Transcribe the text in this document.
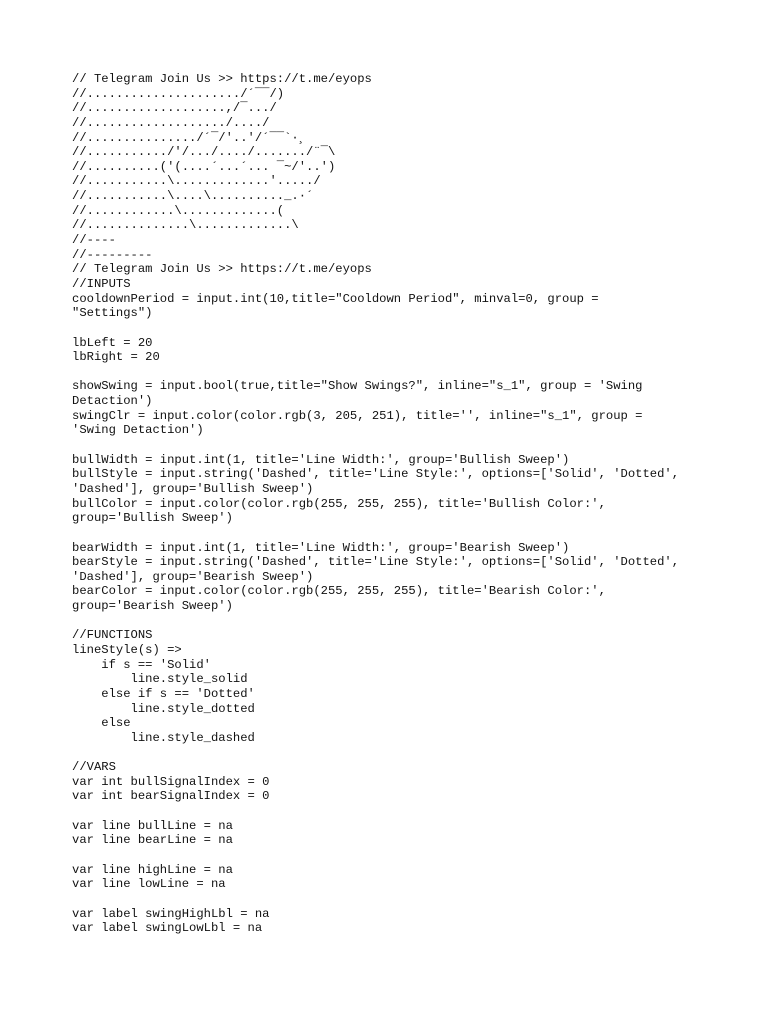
// Telegram Join Us >> https://t.me/eyops
//...................../´¯¯/)
//...................,/¯.../
//.................../..../
//.............../´¯/'..'/´¯¯`·¸
//.........../'/.../..../......./¨¯\
//..........('(....´...´... ¯~/'..')
//...........\.............'...../
//...........\....\.........._.·´
//............\.............(
//..............\.............\
//----
//---------
// Telegram Join Us >> https://t.me/eyops
//INPUTS
cooldownPeriod = input.int(10,title="Cooldown Period", minval=0, group =
"Settings")
lbLeft = 20
lbRight = 20
showSwing = input.bool(true,title="Show Swings?", inline="s_1", group = 'Swing
Detaction')
swingClr = input.color(color.rgb(3, 205, 251), title='', inline="s_1", group =
'Swing Detaction')
bullWidth = input.int(1, title='Line Width:', group='Bullish Sweep')
bullStyle = input.string('Dashed', title='Line Style:', options=['Solid', 'Dotted',
'Dashed'], group='Bullish Sweep')
bullColor = input.color(color.rgb(255, 255, 255), title='Bullish Color:',
group='Bullish Sweep')
bearWidth = input.int(1, title='Line Width:', group='Bearish Sweep')
bearStyle = input.string('Dashed', title='Line Style:', options=['Solid', 'Dotted',
'Dashed'], group='Bearish Sweep')
bearColor = input.color(color.rgb(255, 255, 255), title='Bearish Color:',
group='Bearish Sweep')
//FUNCTIONS
lineStyle(s) =>
if s == 'Solid'
line.style_solid
else if s == 'Dotted'
line.style_dotted
else
line.style_dashed
//VARS
var int bullSignalIndex = 0
var int bearSignalIndex = 0
var line bullLine = na
var line bearLine = na
var line highLine = na
var line lowLine = na
var label swingHighLbl = na
var label swingLowLbl = na
